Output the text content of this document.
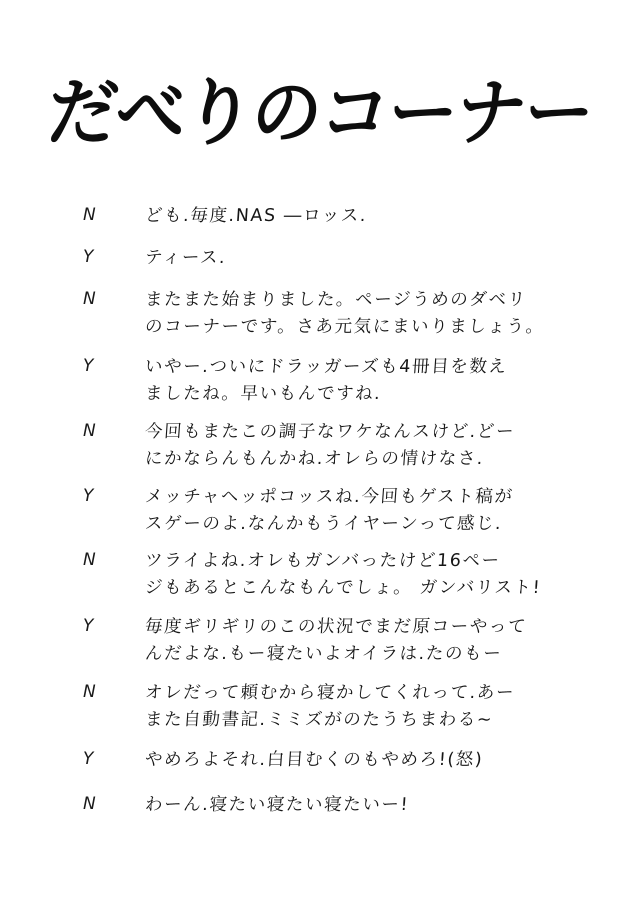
だべりのコーナー
N	ども.毎度.NAS ―ロッス.
Y	ティース.
N	またまた始まりました。ページうめのダベリ
のコーナーです。さあ元気にまいりましょう。
Y	いやー.ついにドラッガーズも4冊目を数え
ましたね。早いもんですね.
N	今回もまたこの調子なワケなんスけど.どー
にかならんもんかね.オレらの情けなさ.
Y	メッチャヘッポコッスね.今回もゲスト稿が
スゲーのよ.なんかもうイヤーンって感じ.
N	ツライよね.オレもガンバったけど16ペー
ジもあるとこんなもんでしょ。 ガンバリスト!
Y	毎度ギリギリのこの状況でまだ原コーやって
んだよな.もー寝たいよオイラは.たのもー
N	オレだって頼むから寝かしてくれって.あー
また自動書記.ミミズがのたうちまわる~
Y	やめろよそれ.白目むくのもやめろ!(怒)
N	わーん.寝たい寝たい寝たいー!
